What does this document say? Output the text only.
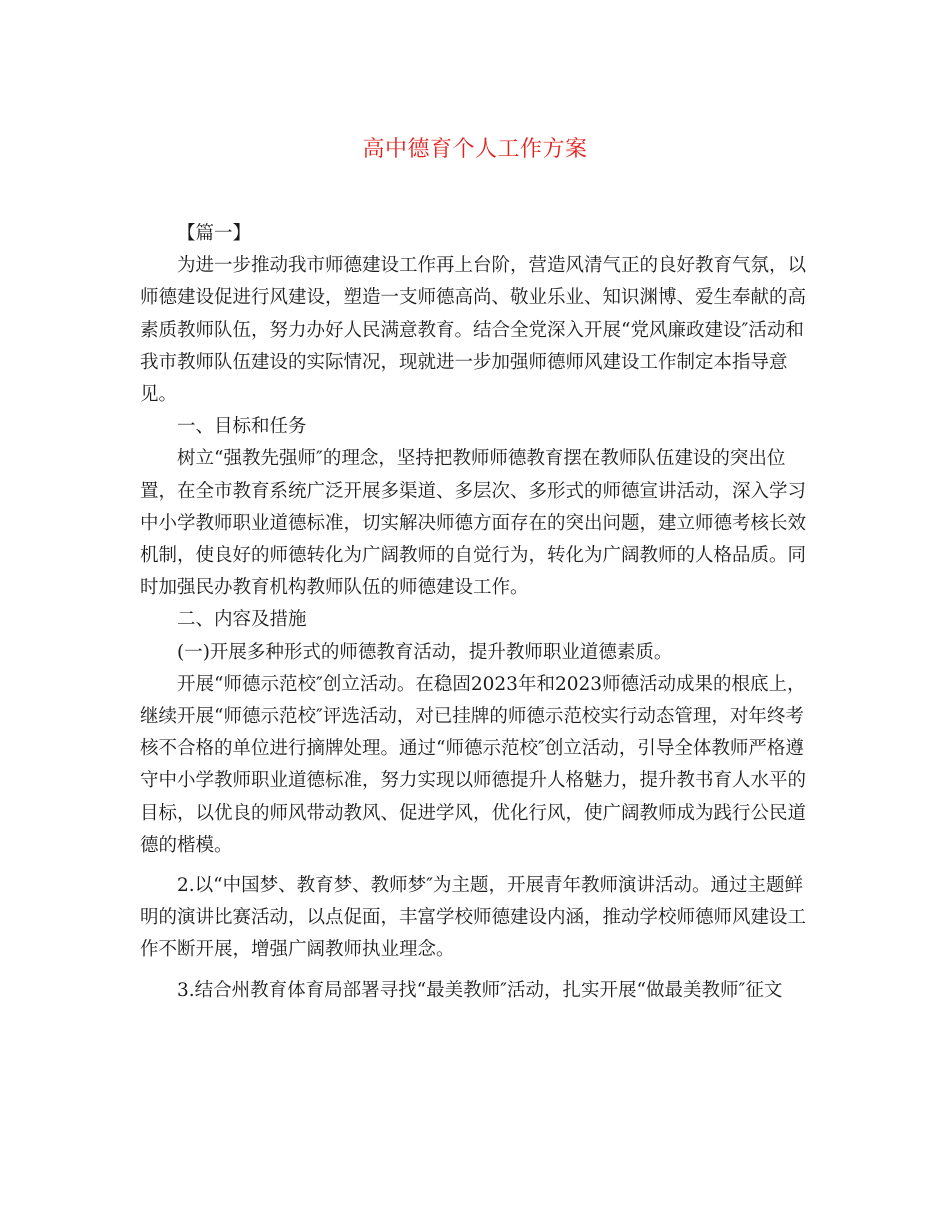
高中德育个人工作方案

【篇一】

为进一步推动我市师德建设工作再上台阶，营造风清气正的良好教育气氛，以师德建设促进行风建设，塑造一支师德高尚、敬业乐业、知识渊博、爱生奉献的高素质教师队伍，努力办好人民满意教育。结合全党深入开展“党风廉政建设″活动和我市教师队伍建设的实际情况，现就进一步加强师德师风建设工作制定本指导意见。

一、目标和任务

树立“强教先强师″的理念，坚持把教师师德教育摆在教师队伍建设的突出位置，在全市教育系统广泛开展多渠道、多层次、多形式的师德宣讲活动，深入学习中小学教师职业道德标准，切实解决师德方面存在的突出问题，建立师德考核长效机制，使良好的师德转化为广阔教师的自觉行为，转化为广阔教师的人格品质。同时加强民办教育机构教师队伍的师德建设工作。

二、内容及措施

(一)开展多种形式的师德教育活动，提升教师职业道德素质。

开展“师德示范校″创立活动。在稳固2023年和2023师德活动成果的根底上，继续开展“师德示范校″评选活动，对已挂牌的师德示范校实行动态管理，对年终考核不合格的单位进行摘牌处理。通过“师德示范校″创立活动，引导全体教师严格遵守中小学教师职业道德标准，努力实现以师德提升人格魅力，提升教书育人水平的目标，以优良的师风带动教风、促进学风，优化行风，使广阔教师成为践行公民道德的楷模。

2.以“中国梦、教育梦、教师梦″为主题，开展青年教师演讲活动。通过主题鲜明的演讲比赛活动，以点促面，丰富学校师德建设内涵，推动学校师德师风建设工作不断开展，增强广阔教师执业理念。

3.结合州教育体育局部署寻找“最美教师″活动，扎实开展“做最美教师″征文
